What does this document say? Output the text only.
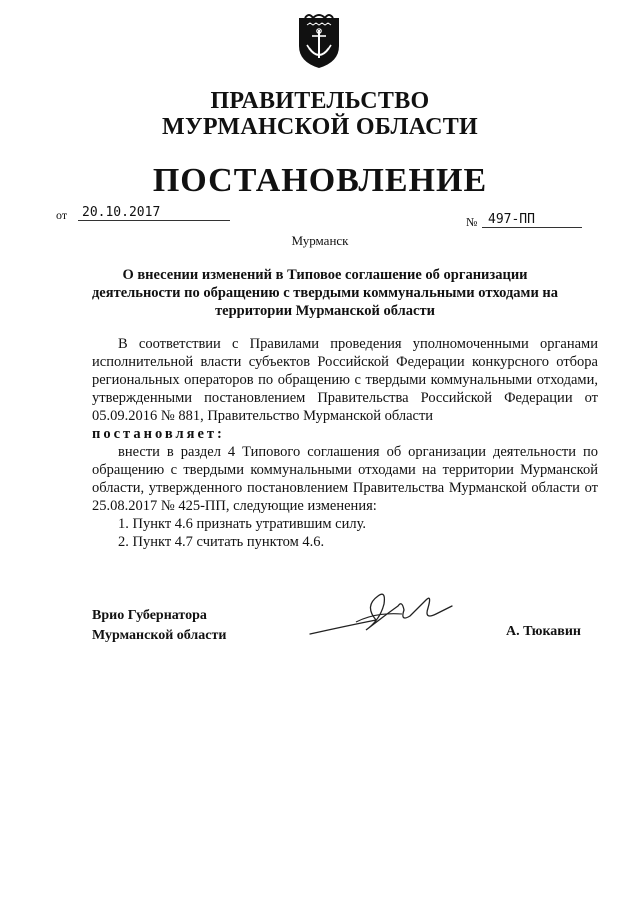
ПРАВИТЕЛЬСТВО
МУРМАНСКОЙ ОБЛАСТИ
ПОСТАНОВЛЕНИЕ
от	20.10.2017
№ 497-ПП
Мурманск
О внесении изменений в Типовое соглашение об организации
деятельности по обращению с твердыми коммунальными отходами на
территории Мурманской области

В соответствии с Правилами проведения уполномоченными органами исполнительной власти субъектов Российской Федерации конкурсного отбора региональных операторов по обращению с твердыми коммунальными отходами, утвержденными постановлением Правительства Российской Федерации от 05.09.2016 № 881, Правительство Мурманской области

постановляет:

внести в раздел 4 Типового соглашения об организации деятельности по обращению с твердыми коммунальными отходами на территории Мурманской области, утвержденного постановлением Правительства Мурманской области от 25.08.2017 № 425-ПП, следующие изменения:

1. Пункт 4.6 признать утратившим силу.

2. Пункт 4.7 считать пунктом 4.6.

Врио Губернатора
Мурманской области	А. Тюкавин
